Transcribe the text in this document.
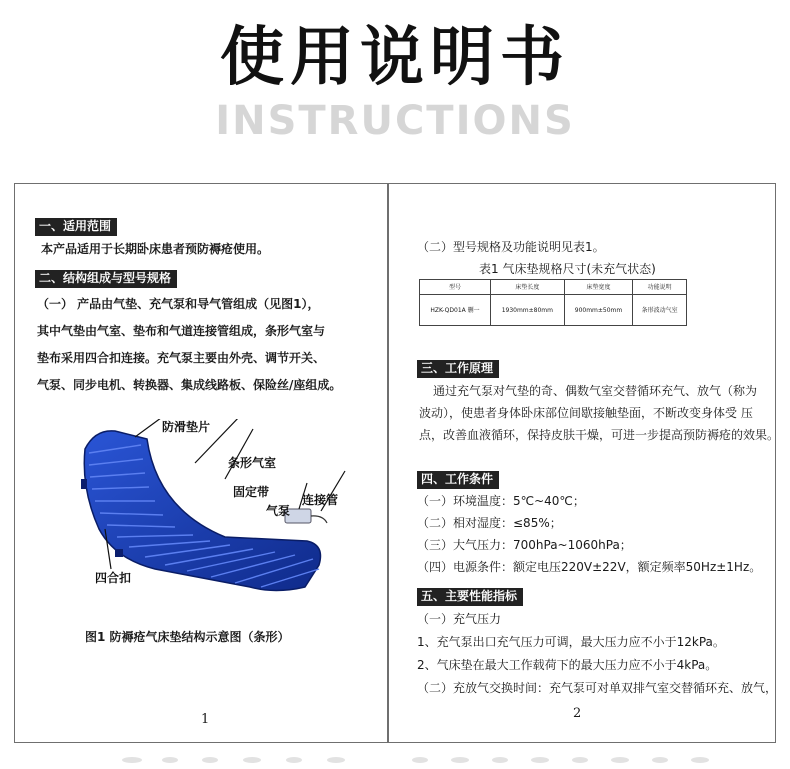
使用说明书
INSTRUCTIONS
一、适用范围
本产品适用于长期卧床患者预防褥疮使用。
二、结构组成与型号规格
（一） 产品由气垫、充气泵和导气管组成（见图1），
其中气垫由气室、垫布和气道连接管组成，条形气室与
垫布采用四合扣连接。充气泵主要由外壳、调节开关、
气泵、同步电机、转换器、集成线路板、保险丝/座组成。
防滑垫片
条形气室
固定带
气泵
连接管
四合扣
图1 防褥疮气床垫结构示意图（条形）
1
（二）型号规格及功能说明见表1。
表1 气床垫规格尺寸(未充气状态)
型号	床垫长度	床垫宽度	功能说明
HZK-QD01A 删一	1930mm±80mm	900mm±50mm	条形波动气室
三、工作原理
通过充气泵对气垫的奇、偶数气室交替循环充气、放气（称为
波动），使患者身体卧床部位间歇接触垫面，不断改变身体受 压
点，改善血液循环，保持皮肤干燥，可进一步提高预防褥疮的效果。
四、工作条件
（一）环境温度：5℃~40℃；
（二）相对湿度：≤85%；
（三）大气压力：700hPa~1060hPa；
（四）电源条件：额定电压220V±22V，额定频率50Hz±1Hz。
五、主要性能指标
（一）充气压力
1、充气泵出口充气压力可调，最大压力应不小于12kPa。
2、气床垫在最大工作载荷下的最大压力应不小于4kPa。
（二）充放气交换时间：充气泵可对单双排气室交替循环充、放气，
2
